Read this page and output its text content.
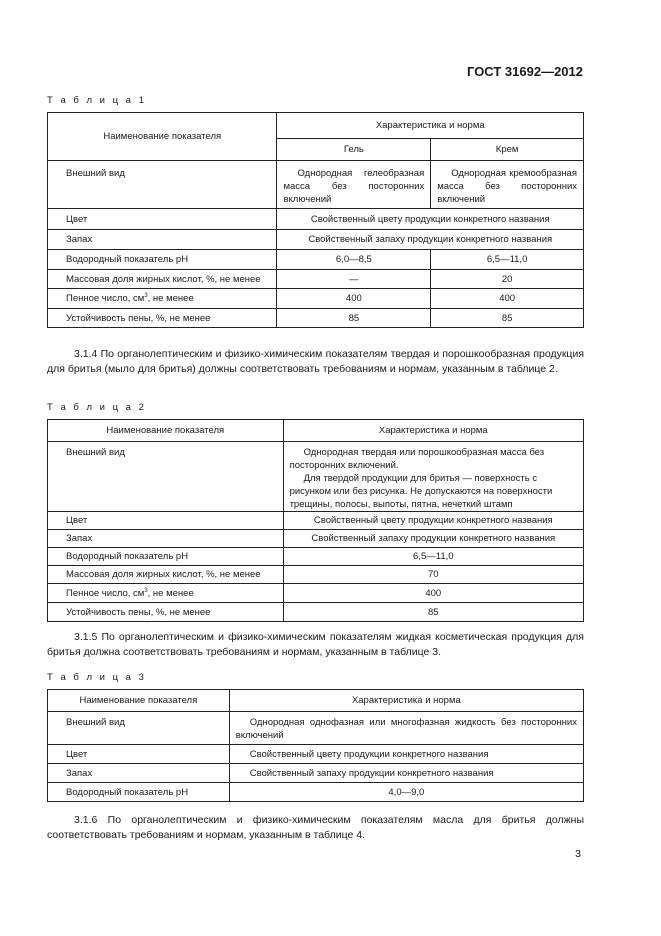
ГОСТ 31692—2012
Т а б л и ц а 1
Наименование показателя	Характеристика и норма	
	Гель	Крем
Внешний вид	Однородная гелеобразная масса без посторонних включений	Однородная кремообразная масса без посторонних включений
Цвет	Свойственный цвету продукции конкретного названия	
Запах	Свойственный запаху продукции конкретного названия	
Водородный показатель pH	6,0—8,5	6,5—11,0
Массовая доля жирных кислот, %, не менее	—	20
Пенное число, $см^3$, не менее	400	400
Устойчивость пены, %, не менее	85	85
3.1.4 По органолептическим и физико-химическим показателям твердая и порошкообразная продукция для бритья (мыло для бритья) должны соответствовать требованиям и нормам, указанным в таблице 2.
Т а б л и ц а 2
Наименование показателя	Характеристика и норма
Внешний вид	Однородная твердая или порошкообразная масса без посторонних включений.
Для твердой продукции для бритья — поверхность с рисунком или без рисунка. Не допускаются на поверхности трещины, полосы, выпоты, пятна, нечеткий штамп

Цвет	Свойственный цвету продукции конкретного названия
Запах	Свойственный запаху продукции конкретного названия
Водородный показатель pH	6,5—11,0
Массовая доля жирных кислот, %, не менее	70
Пенное число, $см^3$, не менее	400
Устойчивость пены, %, не менее	85
3.1.5 По органолептическим и физико-химическим показателям жидкая косметическая продукция для бритья должна соответствовать требованиям и нормам, указанным в таблице 3.
Т а б л и ц а 3
Наименование показателя	Характеристика и норма
Внешний вид	Однородная однофазная или многофазная жидкость без посторонних включений
Цвет	Свойственный цвету продукции конкретного названия
Запах	Свойственный запаху продукции конкретного названия
Водородный показатель pH	4,0—9,0
3.1.6 По органолептическим и физико-химическим показателям масла для бритья должны соответствовать требованиям и нормам, указанным в таблице 4.
3
